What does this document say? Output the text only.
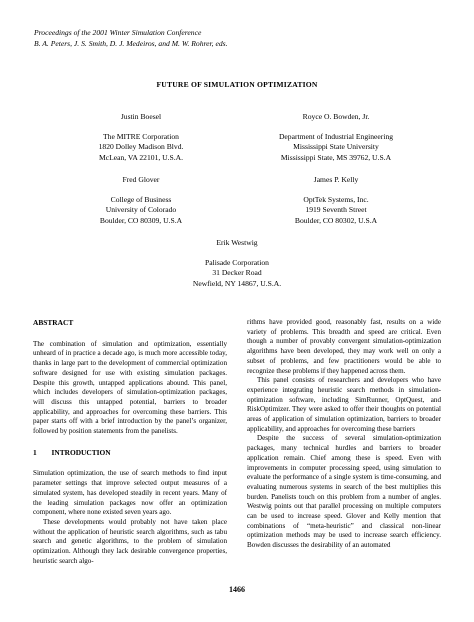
Proceedings of the 2001 Winter Simulation Conference
B. A. Peters, J. S. Smith, D. J. Medeiros, and M. W. Rohrer, eds.
FUTURE OF SIMULATION OPTIMIZATION
Justin Boesel
The MITRE Corporation
1820 Dolley Madison Blvd.
McLean, VA 22101, U.S.A.
Royce O. Bowden, Jr.
Department of Industrial Engineering
Mississippi State University
Mississippi State, MS 39762, U.S.A
Fred Glover
College of Business
University of Colorado
Boulder, CO 80309, U.S.A
James P. Kelly
OptTek Systems, Inc.
1919 Seventh Street
Boulder, CO 80302, U.S.A
Erik Westwig
Palisade Corporation
31 Decker Road
Newfield, NY 14867, U.S.A.
ABSTRACT

The combination of simulation and optimization, essentially unheard of in practice a decade ago, is much more accessible today, thanks in large part to the development of commercial optimization software designed for use with existing simulation packages. Despite this growth, untapped applications abound. This panel, which includes developers of simulation-optimization packages, will discuss this untapped potential, barriers to broader applicability, and approaches for overcoming these barriers. This paper starts off with a brief introduction by the panel’s organizer, followed by position statements from the panelists.

1  INTRODUCTION

Simulation optimization, the use of search methods to find input parameter settings that improve selected output measures of a simulated system, has developed steadily in recent years. Many of the leading simulation packages now offer an optimization component, where none existed seven years ago.

These developments would probably not have taken place without the application of heuristic search algorithms, such as tabu search and genetic algorithms, to the problem of simulation optimization. Although they lack desirable convergence properties, heuristic search algo-

rithms have provided good, reasonably fast, results on a wide variety of problems. This breadth and speed are critical. Even though a number of provably convergent simulation-optimization algorithms have been developed, they may work well on only a subset of problems, and few practitioners would be able to recognize these problems if they happened across them.

This panel consists of researchers and developers who have experience integrating heuristic search methods in simulation-optimization software, including SimRunner, OptQuest, and RiskOptimizer. They were asked to offer their thoughts on potential areas of application of simulation optimization, barriers to broader applicability, and approaches for overcoming these barriers

Despite the success of several simulation-optimization packages, many technical hurdles and barriers to broader application remain. Chief among these is speed. Even with improvements in computer processing speed, using simulation to evaluate the performance of a single system is time-consuming, and evaluating numerous systems in search of the best multiplies this burden. Panelists touch on this problem from a number of angles. Westwig points out that parallel processing on multiple computers can be used to increase speed. Glover and Kelly mention that combinations of “meta-heuristic” and classical non-linear optimization methods may be used to increase search efficiency. Bowden discusses the desirability of an automated

1466
